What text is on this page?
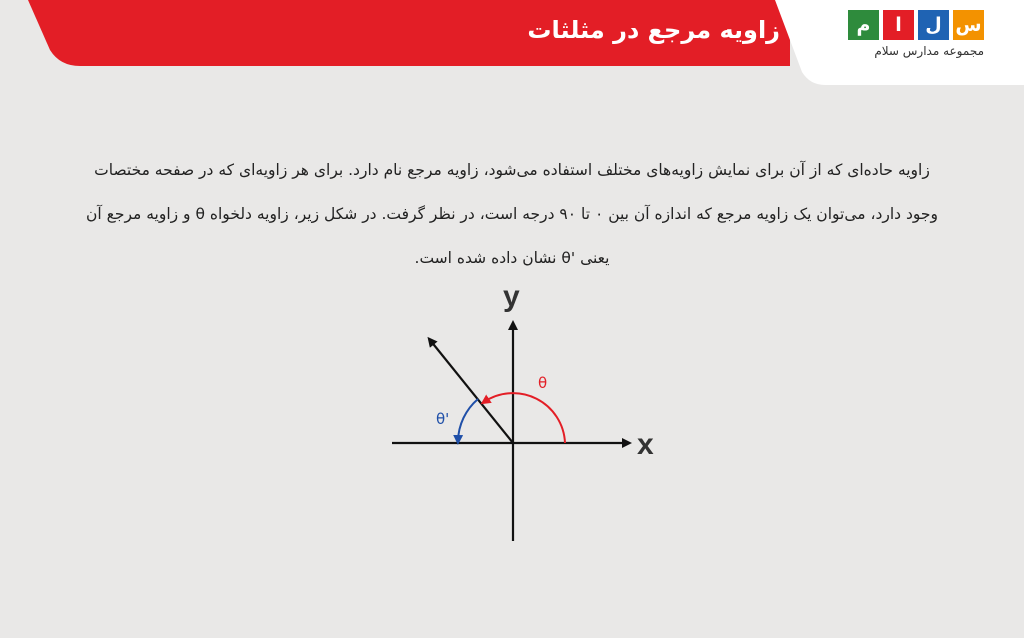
زاویه مرجع در مثلثات	م	ا	ل س
مجموعه مدارس سلام
زاویه حاده‌ای که از آن برای نمایش زاویه‌های مختلف استفاده می‌شود، زاویه مرجع نام دارد. برای هر زاویه‌ای که در صفحه مختصات وجود دارد، می‌توان یک زاویه مرجع که اندازه آن بین ۰ تا ۹۰ درجه است، در نظر گرفت. در شکل زیر، زاویه دلخواه θ و زاویه مرجع آن یعنی 'θ نشان داده شده است.
x
y
θ
θ'
